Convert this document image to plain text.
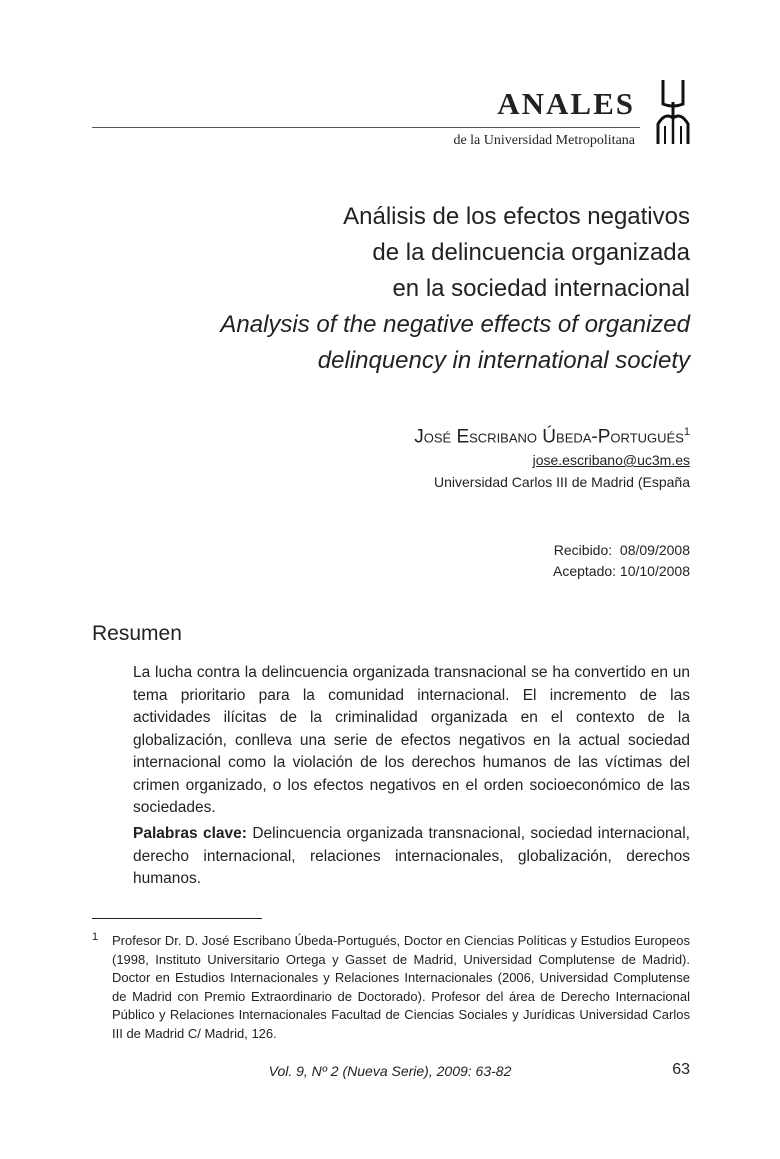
ANALES
de la Universidad Metropolitana
Análisis de los efectos negativos
de la delincuencia organizada
en la sociedad internacional
Analysis of the negative effects of organized
delinquency in international society
José Escribano Úbeda-Portugués$^1$
jose.escribano@uc3m.es
Universidad Carlos III de Madrid (España
Recibido:  08/09/2008
Aceptado: 10/10/2008
Resumen
La lucha contra la delincuencia organizada transnacional se ha convertido en un tema prioritario para la comunidad internacional. El incremento de las actividades ilícitas de la criminalidad organizada en el contexto de la globalización, conlleva una serie de efectos negativos en la actual sociedad internacional como la violación de los derechos humanos de las víctimas del crimen organizado, o los efectos negativos en el orden socioeconómico de las sociedades.
Palabras clave: Delincuencia organizada transnacional, sociedad internacional, derecho internacional, relaciones internacionales, globalización, derechos humanos.
1 Profesor Dr. D. José Escribano Úbeda-Portugués, Doctor en Ciencias Políticas y Estudios Europeos (1998, Instituto Universitario Ortega y Gasset de Madrid, Universidad Complutense de Madrid). Doctor en Estudios Internacionales y Relaciones Internacionales (2006, Universidad Complutense de Madrid con Premio Extraordinario de Doctorado). Profesor del área de Derecho Internacional Público y Relaciones Internacionales Facultad de Ciencias Sociales y Jurídicas Universidad Carlos III de Madrid C/ Madrid, 126.
Vol. 9, Nº 2 (Nueva Serie), 2009: 63-82	63
